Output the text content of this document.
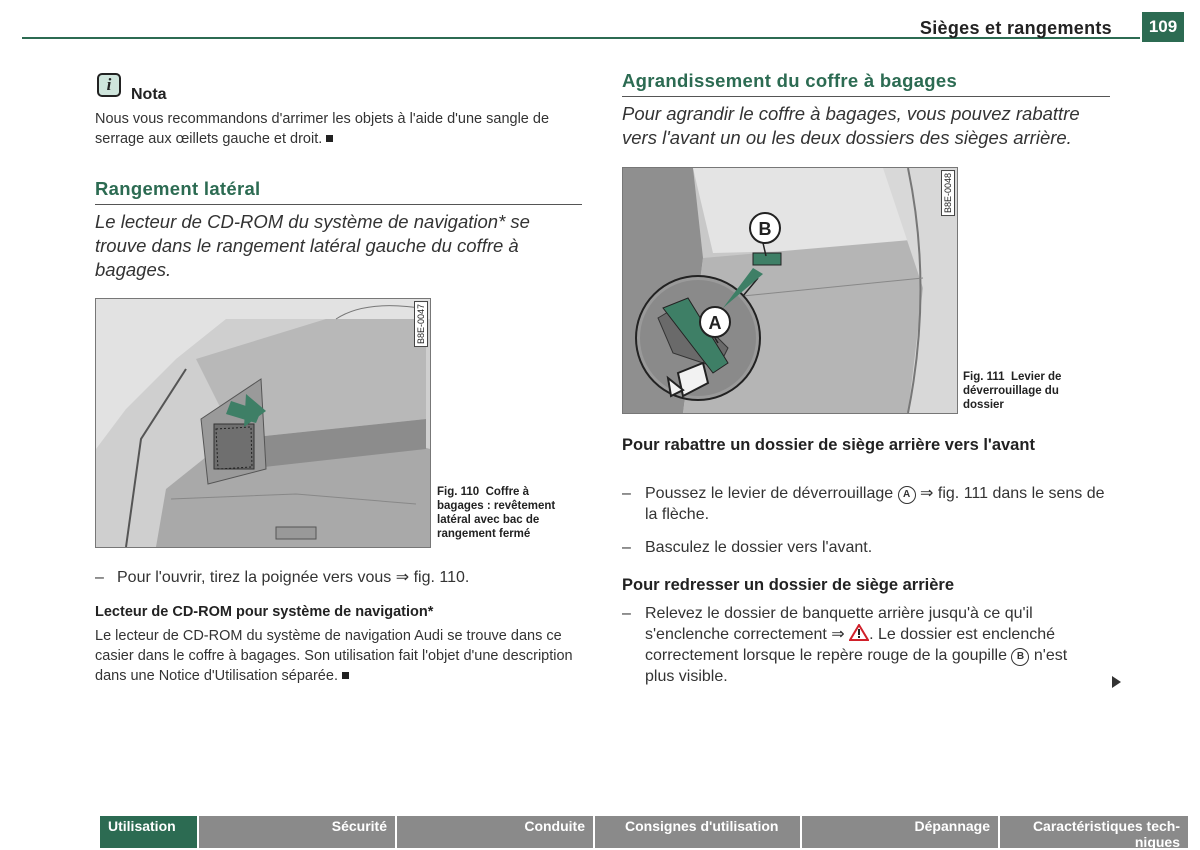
Sièges et rangements	109
i
Nota
Nous vous recommandons d'arrimer les objets à l'aide d'une sangle de serrage aux œillets gauche et droit.
Rangement latéral
Le lecteur de CD-ROM du système de navigation* se trouve dans le rangement latéral gauche du coffre à bagages.
B8E-0047
Fig. 110 Coffre à bagages : revêtement latéral avec bac de rangement fermé
– Pour l'ouvrir, tirez la poignée vers vous ⇒ fig. 110.
Lecteur de CD-ROM pour système de navigation*
Le lecteur de CD-ROM du système de navigation Audi se trouve dans ce casier dans le coffre à bagages. Son utilisation fait l'objet d'une description dans une Notice d'Utilisation séparée.
Agrandissement du coffre à bagages
Pour agrandir le coffre à bagages, vous pouvez rabattre vers l'avant un ou les deux dossiers des sièges arrière.
B
A
B8E-0048
Fig. 111 Levier de déverrouillage du dossier
Pour rabattre un dossier de siège arrière vers l'avant
– Poussez le levier de déverrouillage A ⇒ fig. 111 dans le sens de la flèche.
– Basculez le dossier vers l'avant.
Pour redresser un dossier de siège arrière
– Relevez le dossier de banquette arrière jusqu'à ce qu'il s'enclenche correctement ⇒ . Le dossier est enclenché correctement lorsque le repère rouge de la goupille B n'est plus visible.
Utilisation	Sécurité	Conduite	Consignes d'utilisation	Dépannage	Caractéristiques tech-
niques
